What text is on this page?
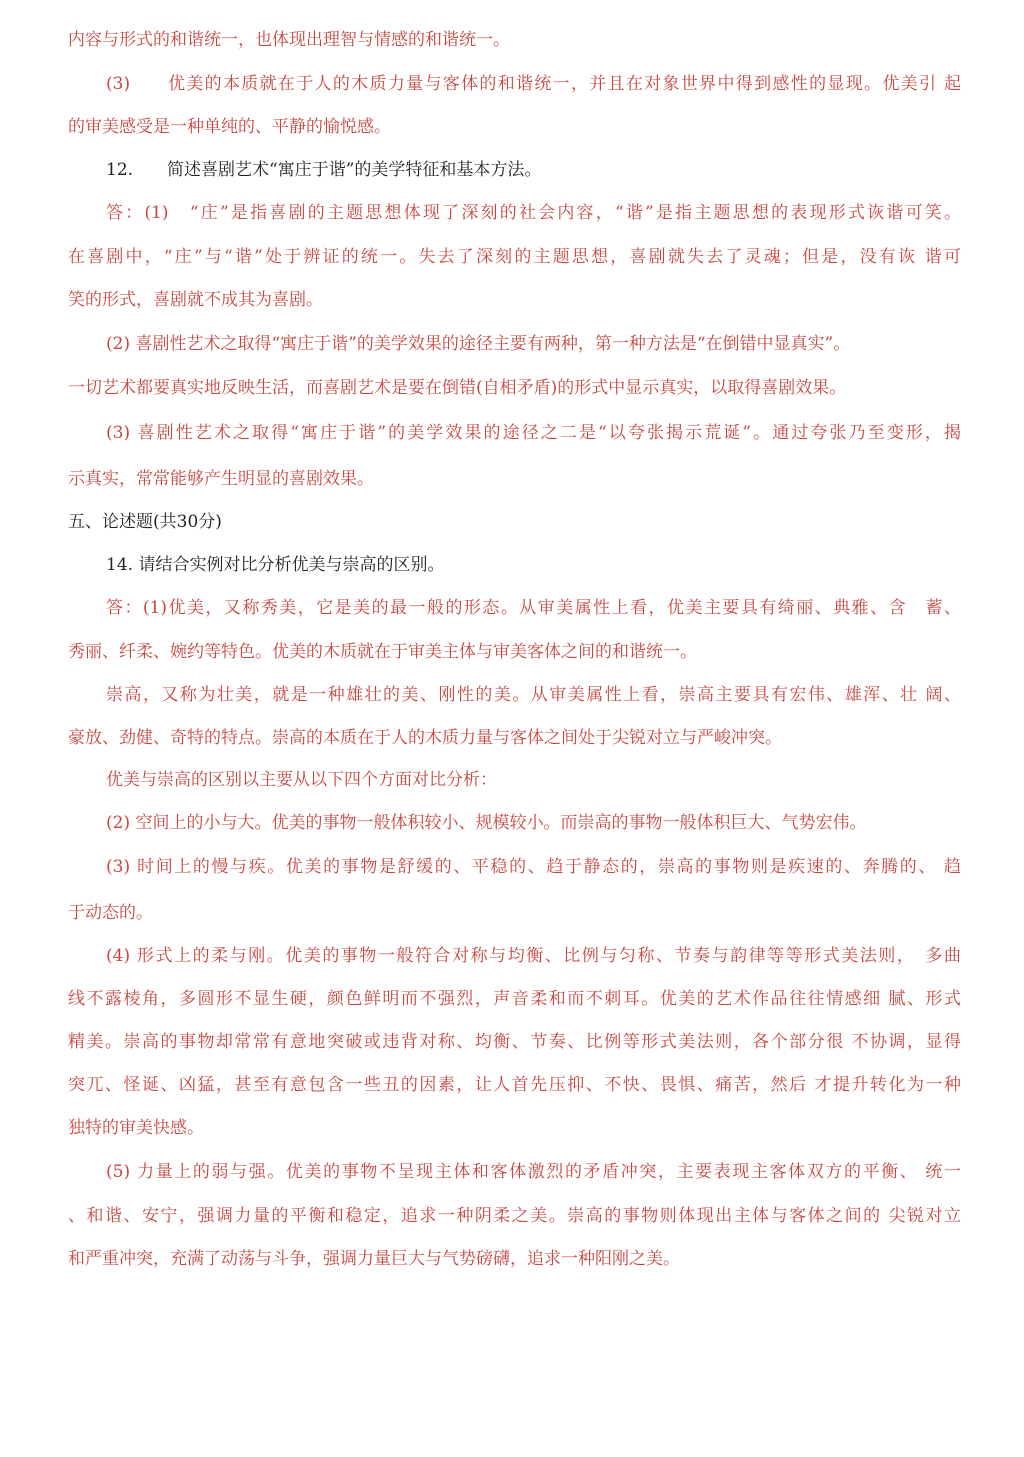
内容与形式的和谐统一，也体现出理智与情感的和谐统一。
(3)　　优美的本质就在于人的木质力量与客体的和谐统一，并且在对象世界中得到感性的显现。优美引 起
的审美感受是一种单纯的、平静的愉悦感。
12.　　简述喜剧艺术“寓庄于谐”的美学特征和基本方法。
答：(1)　“庄”是指喜剧的主题思想体现了深刻的社会内容，“谐”是指主题思想的表现形式诙谐可笑。
在喜剧中，“庄”与“谐”处于辨证的统一。失去了深刻的主题思想，喜剧就失去了灵魂；但是，没有诙 谐可
笑的形式，喜剧就不成其为喜剧。
(2) 喜剧性艺术之取得“寓庄于谐”的美学效果的途径主要有两种，第一种方法是“在倒错中显真实”。
一切艺术都要真实地反映生活，而喜剧艺术是要在倒错(自相矛盾)的形式中显示真实，以取得喜剧效果。
(3) 喜剧性艺术之取得“寓庄于谐”的美学效果的途径之二是“以夸张揭示荒诞”。通过夸张乃至变形，揭
示真实，常常能够产生明显的喜剧效果。
五、论述题(共30分)
14. 请结合实例对比分析优美与崇高的区别。
答：(1)优美，又称秀美，它是美的最一般的形态。从审美属性上看，优美主要具有绮丽、典雅、含　蓄、
秀丽、纤柔、婉约等特色。优美的木质就在于审美主体与审美客体之间的和谐统一。
崇高，又称为壮美，就是一种雄壮的美、刚性的美。从审美属性上看，崇高主要具有宏伟、雄浑、壮 阔、
豪放、劲健、奇特的特点。崇高的本质在于人的木质力量与客体之间处于尖锐对立与严峻冲突。
优美与崇高的区别以主要从以下四个方面对比分析：
(2) 空间上的小与大。优美的事物一般体积较小、规模较小。而崇高的事物一般体积巨大、气势宏伟。
(3) 时间上的慢与疾。优美的事物是舒缓的、平稳的、趋于静态的，崇高的事物则是疾速的、奔腾的、 趋
于动态的。
(4) 形式上的柔与刚。优美的事物一般符合对称与均衡、比例与匀称、节奏与韵律等等形式美法则，　多曲
线不露棱角，多圆形不显生硬，颜色鲜明而不强烈，声音柔和而不刺耳。优美的艺术作品往往情感细 腻、形式
精美。崇高的事物却常常有意地突破或违背对称、均衡、节奏、比例等形式美法则，各个部分很 不协调，显得
突兀、怪诞、凶猛，甚至有意包含一些丑的因素，让人首先压抑、不快、畏惧、痛苦，然后 才提升转化为一种
独特的审美快感。
(5) 力量上的弱与强。优美的事物不呈现主体和客体激烈的矛盾冲突，主要表现主客体双方的平衡、 统一
、和谐、安宁，强调力量的平衡和稳定，追求一种阴柔之美。崇高的事物则体现出主体与客体之间的 尖锐对立
和严重冲突，充满了动荡与斗争，强调力量巨大与气势磅礴，追求一种阳刚之美。
